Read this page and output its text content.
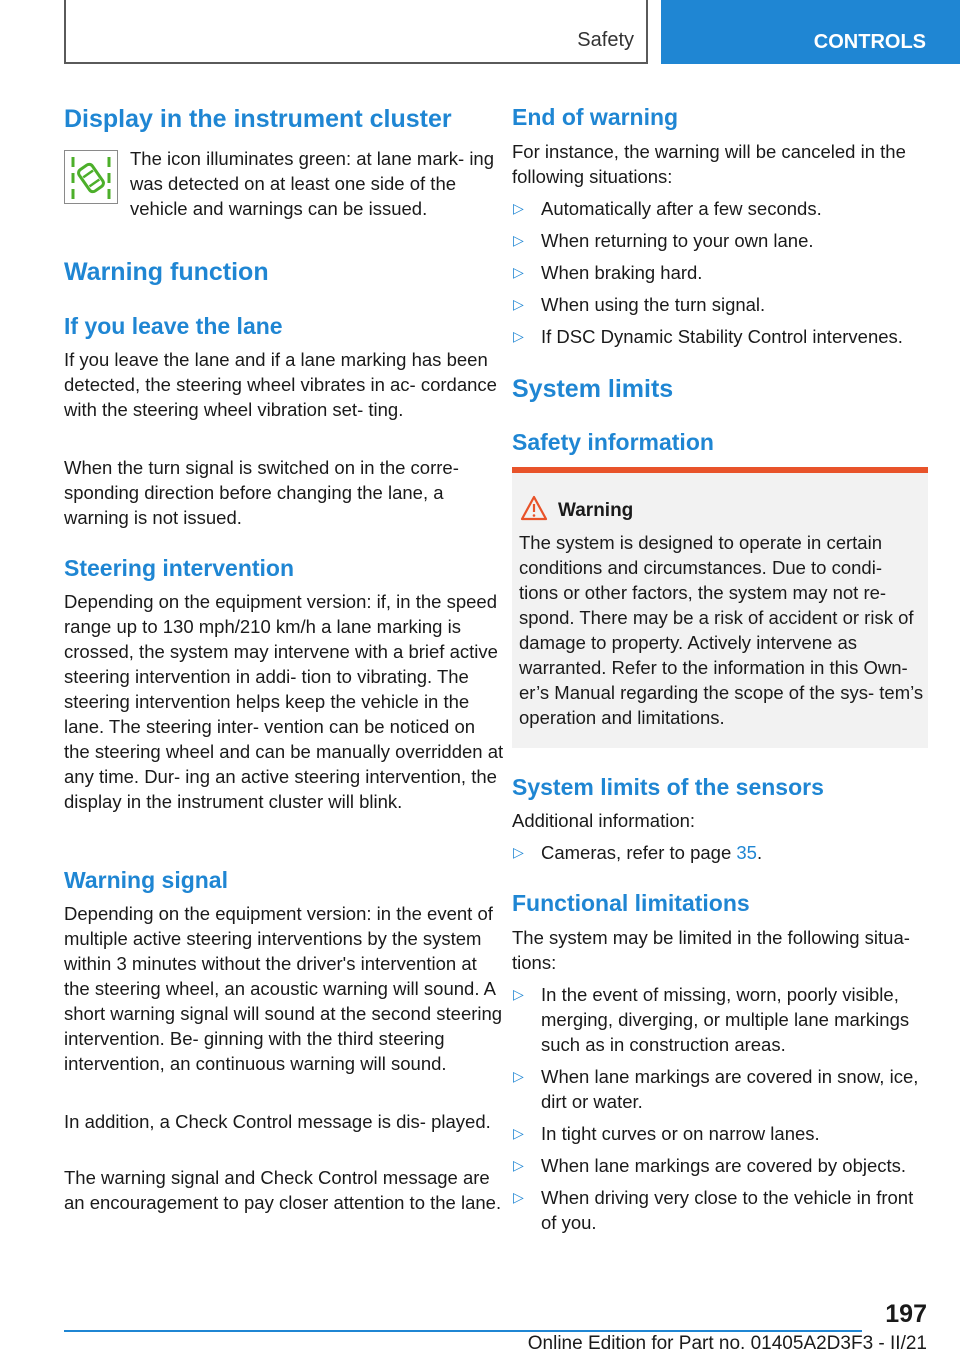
Safety	CONTROLS
Display in the instrument cluster

The icon illuminates green: at lane mark- ing was detected on at least one side of the vehicle and warnings can be issued.

Warning function
If you leave the lane

If you leave the lane and if a lane marking has been detected, the steering wheel vibrates in ac- cordance with the steering wheel vibration set- ting.

When the turn signal is switched on in the corre- sponding direction before changing the lane, a warning is not issued.

Steering intervention

Depending on the equipment version: if, in the speed range up to 130 mph/210 km/h a lane marking is crossed, the system may intervene with a brief active steering intervention in addi- tion to vibrating. The steering intervention helps keep the vehicle in the lane. The steering inter- vention can be noticed on the steering wheel and can be manually overridden at any time. Dur- ing an active steering intervention, the display in the instrument cluster will blink.

Warning signal

Depending on the equipment version: in the event of multiple active steering interventions by the system within 3 minutes without the driver's intervention at the steering wheel, an acoustic warning will sound. A short warning signal will sound at the second steering intervention. Be- ginning with the third steering intervention, an continuous warning will sound.

In addition, a Check Control message is dis- played.

The warning signal and Check Control message are an encouragement to pay closer attention to the lane.

End of warning

For instance, the warning will be canceled in the following situations:

▷ Automatically after a few seconds.
▷ When returning to your own lane.
▷ When braking hard.
▷ When using the turn signal.
▷ If DSC Dynamic Stability Control intervenes.
System limits
Safety information
System limits of the sensors

Additional information:

▷ Cameras, refer to page 35.
Functional limitations

The system may be limited in the following situa- tions:

▷ In the event of missing, worn, poorly visible, merging, diverging, or multiple lane markings such as in construction areas.
▷ When lane markings are covered in snow, ice, dirt or water.
▷ In tight curves or on narrow lanes.
▷ When lane markings are covered by objects.
▷ When driving very close to the vehicle in front of you.
Warning

The system is designed to operate in certain conditions and circumstances. Due to condi- tions or other factors, the system may not re- spond. There may be a risk of accident or risk of damage to property. Actively intervene as warranted. Refer to the information in this Own- er’s Manual regarding the scope of the sys- tem’s operation and limitations.

197
Online Edition for Part no. 01405A2D3F3 - II/21
